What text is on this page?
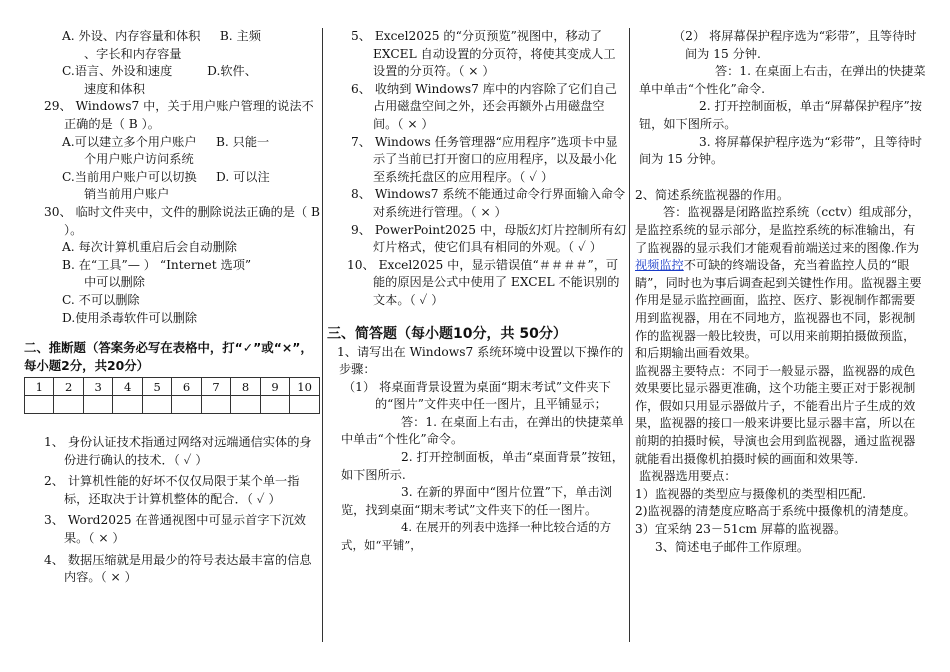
A. 外设、内存容量和体积 B. 主频
、字长和内存容量
C.语言、外设和速度	D.软件、
速度和体积
29、 Windows7 中，关于用户账户管理的说法不正确的是（ B ）。
A.可以建立多个用户账户 B. 只能一
个用户账户访问系统
C.当前用户账户可以切换 D. 可以注
销当前用户账户
30、 临时文件夹中，文件的删除说法正确的是（ B ）。
A. 每次计算机重启后会自动删除
B. 在“工具”— ） “Internet 选项”
中可以删除
C. 不可以删除
D.使用杀毒软件可以删除
二、推断题（答案务必写在表格中，打“✓”或“×”，每小题2分，共20分）
1	2	3	4	5	6	7	8	9	10

1、 身份认证技术指通过网络对远端通信实体的身份进行确认的技术．（ ✓ ）
2、 计算机性能的好坏不仅仅局限于某个单一指标，还取决于计算机整体的配合．（ ✓ ）
3、 Word2025 在普通视图中可显示首字下沉效果。（ × ）
4、 数据压缩就是用最少的符号表达最丰富的信息内容。（ × ）
5、 Excel2025 的“分页预览”视图中，移动了 EXCEL 自动设置的分页符，将使其变成人工设置的分页符。（ × ）
6、 收纳到 Windows7 库中的内容除了它们自己占用磁盘空间之外，还会再额外占用磁盘空间。（ × ）
7、 Windows 任务管理器“应用程序”选项卡中显示了当前已打开窗口的应用程序，以及最小化至系统托盘区的应用程序。（ ✓ ）
8、 Windows7 系统不能通过命令行界面输入命令对系统进行管理。（ × ）
9、 PowerPoint2025 中，母版幻灯片控制所有幻灯片格式，使它们具有相同的外观。（ ✓ ）
10、 Excel2025 中，显示错误值“＃＃＃＃”，可能的原因是公式中使用了 EXCEL 不能识别的文本。（ ✓ ）
三、简答题（每小题10分，共 50分）
1、请写出在 Windows7 系统环境中设置以下操作的步骤：
（1） 将桌面背景设置为桌面“期末考试”文件夹下的“图片”文件夹中任一图片，且平铺显示；
答：1. 在桌面上右击，在弹出的快捷菜单中单击“个性化”命令。
2. 打开控制面板，单击“桌面背景”按钮，如下图所示.
3. 在新的界面中“图片位置”下，单击浏览，找到桌面“期末考试”文件夹下的任一图片。
4. 在展开的列表中选择一种比较合适的方式，如“平铺”，
（2） 将屏幕保护程序选为“彩带”，且等待时间为 15 分钟.
答：1. 在桌面上右击，在弹出的快捷菜单中单击“个性化”命令.
2. 打开控制面板，单击“屏幕保护程序”按钮，如下图所示。
3. 将屏幕保护程序选为“彩带”，且等待时间为 15 分钟。
2、简述系统监视器的作用。
答：监视器是闭路监控系统（cctv）组成部分，是监控系统的显示部分，是监控系统的标准输出，有了监视器的显示我们才能观看前端送过来的图像.作为视频监控不可缺的终端设备，充当着监控人员的“眼睛”，同时也为事后调查起到关键性作用。监视器主要作用是显示监控画面，监控、医疗、影视制作都需要用到监视器，用在不同地方，监视器也不同，影视制作的监视器一般比较贵，可以用来前期拍摄做预监，和后期输出画看效果。
监视器主要特点：不同于一般显示器，监视器的成色效果要比显示器更准确，这个功能主要正对于影视制作，假如只用显示器做片子，不能看出片子生成的效果，监视器的接口一般来讲要比显示器丰富，所以在前期的拍摄时候，导演也会用到监视器，通过监视器就能看出摄像机拍摄时候的画面和效果等.
监视器选用要点：
1）监视器的类型应与摄像机的类型相匹配.
2)监视器的清楚度应略高于系统中摄像机的清楚度。
3）宜采纳 23－51cm 屏幕的监视器。
3、简述电子邮件工作原理。
